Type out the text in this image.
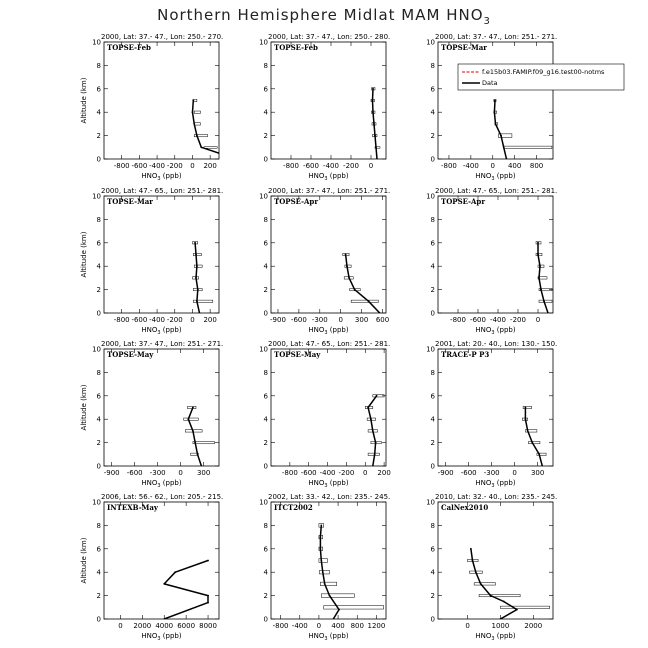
Northern Hemisphere Midlat MAM $HNO_3$
2000, Lat: 37.- 47., Lon: 250.- 270.
TOPSE-Feb
0
2
4
6
8
10
-800 -600 -400 -200 0 200
$HNO_3$ (ppb)
Altitude (km)
2000, Lat: 37.- 47., Lon: 250.- 280.
TOPSE-Feb
0
2
4
6
8
10
-800 -600 -400 -200 0
$HNO_3$ (ppb)
2000, Lat: 37.- 47., Lon: 251.- 271.
TOPSE-Mar
0
2
4
6
8
10
-800 -400 0 400 800
$HNO_3$ (ppb)
2000, Lat: 47.- 65., Lon: 251.- 281.
TOPSE-Mar
0
2
4
6
8
10
-800 -600 -400 -200 0 200
$HNO_3$ (ppb)
Altitude (km)
2000, Lat: 37.- 47., Lon: 251.- 271.
TOPSE-Apr
0
2
4
6
8
10
-900 -600 -300 0 300 600
$HNO_3$ (ppb)
2000, Lat: 47.- 65., Lon: 251.- 281.
TOPSE-Apr
0
2
4
6
8
10
-800 -600 -400 -200 0
$HNO_3$ (ppb)
2000, Lat: 37.- 47., Lon: 251.- 271.
TOPSE-May
0
2
4
6
8
10
-900 -600 -300 0 300
$HNO_3$ (ppb)
Altitude (km)
2000, Lat: 47.- 65., Lon: 251.- 281.
TOPSE-May
0
2
4
6
8
10
-800 -600 -400 -200 0 200
$HNO_3$ (ppb)
2001, Lat: 20.- 40., Lon: 130.- 150.
TRACE-P P3
0
2
4
6
8
10
-900 -600 -300 0 300
$HNO_3$ (ppb)
2006, Lat: 56.- 62., Lon: 205.- 215.
INTEXB-May
0
2
4
6
8
10
0 2000 4000 6000 8000
$HNO_3$ (ppb)
Altitude (km)
2002, Lat: 33.- 42., Lon: 235.- 245.
ITCT2002
0
2
4
6
8
10
-800 -400 0 400 800 1200
$HNO_3$ (ppb)
2010, Lat: 32.- 40., Lon: 235.- 245.
CalNex2010
0
2
4
6
8
10
0	1000 2000
$HNO_3$ (ppb)
f.e15b03.FAMIP.f09_g16.test00-notms
Data
